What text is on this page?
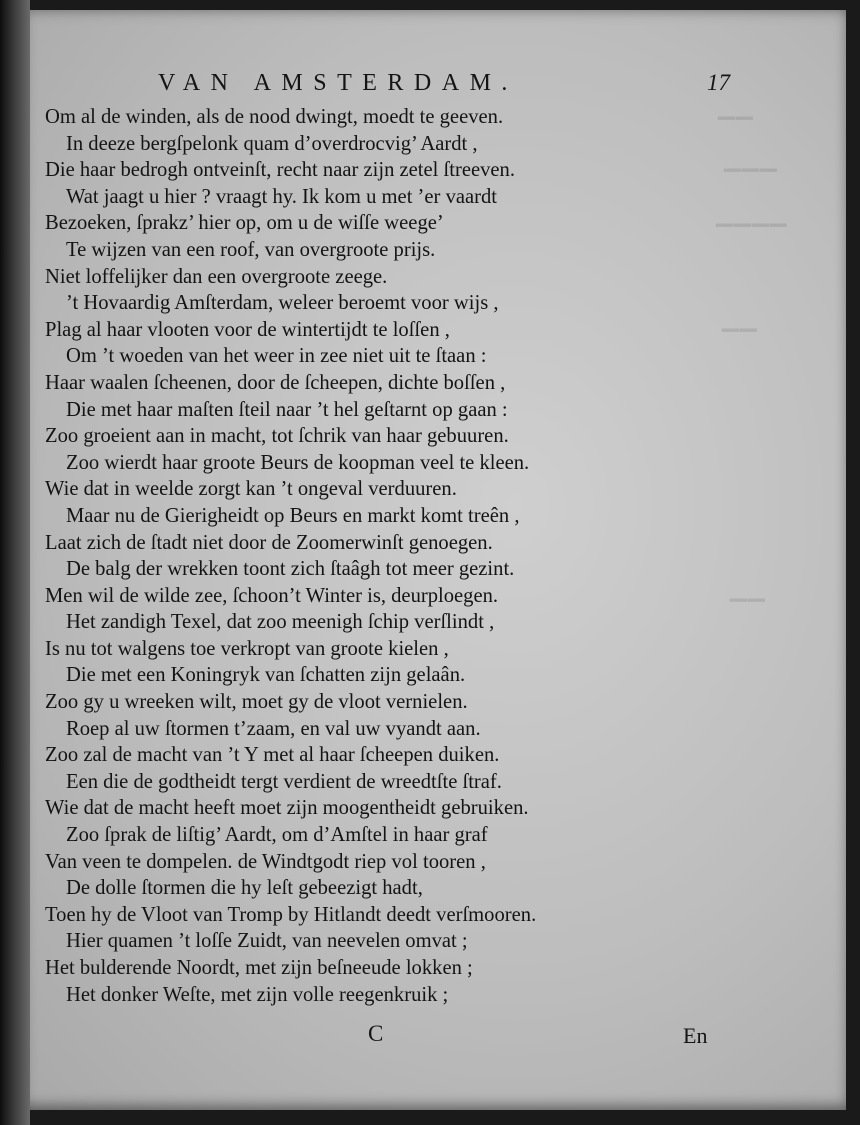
▔▔
▔▔▔
▔▔▔▔
▔▔
▔▔
VAN AMSTERDAM.	17
Om al de winden, als de nood dwingt, moedt te geeven.
In deeze bergſpelonk quam d’overdrocvig’ Aardt ,
Die haar bedrogh ontveinſt, recht naar zijn zetel ſtreeven.
Wat jaagt u hier ? vraagt hy. Ik kom u met ’er vaardt
Bezoeken, ſprakz’ hier op, om u de wiſſe weege’
Te wijzen van een roof, van overgroote prijs.
Niet loffelijker dan een overgroote zeege.
’t Hovaardig Amſterdam, weleer beroemt voor wijs ,
Plag al haar vlooten voor de wintertijdt te loſſen ,
Om ’t woeden van het weer in zee niet uit te ſtaan :
Haar waalen ſcheenen, door de ſcheepen, dichte boſſen ,
Die met haar maſten ſteil naar ’t hel geſtarnt op gaan :
Zoo groeient aan in macht, tot ſchrik van haar gebuuren.
Zoo wierdt haar groote Beurs de koopman veel te kleen.
Wie dat in weelde zorgt kan ’t ongeval verduuren.
Maar nu de Gierigheidt op Beurs en markt komt treên ,
Laat zich de ſtadt niet door de Zoomerwinſt genoegen.
De balg der wrekken toont zich ſtaâgh tot meer gezint.
Men wil de wilde zee, ſchoon’t Winter is, deurploegen.
Het zandigh Texel, dat zoo meenigh ſchip verſlindt ,
Is nu tot walgens toe verkropt van groote kielen ,
Die met een Koningryk van ſchatten zijn gelaân.
Zoo gy u wreeken wilt, moet gy de vloot vernielen.
Roep al uw ſtormen t’zaam, en val uw vyandt aan.
Zoo zal de macht van ’t Y met al haar ſcheepen duiken.
Een die de godtheidt tergt verdient de wreedtſte ſtraf.
Wie dat de macht heeft moet zijn moogentheidt gebruiken.
Zoo ſprak de liſtig’ Aardt, om d’Amſtel in haar graf
Van veen te dompelen. de Windtgodt riep vol tooren ,
De dolle ſtormen die hy leſt gebeezigt hadt,
Toen hy de Vloot van Tromp by Hitlandt deedt verſmooren.
Hier quamen ’t loſſe Zuidt, van neevelen omvat ;
Het bulderende Noordt, met zijn beſneeude lokken ;
Het donker Weſte, met zijn volle reegenkruik ;
C	En
